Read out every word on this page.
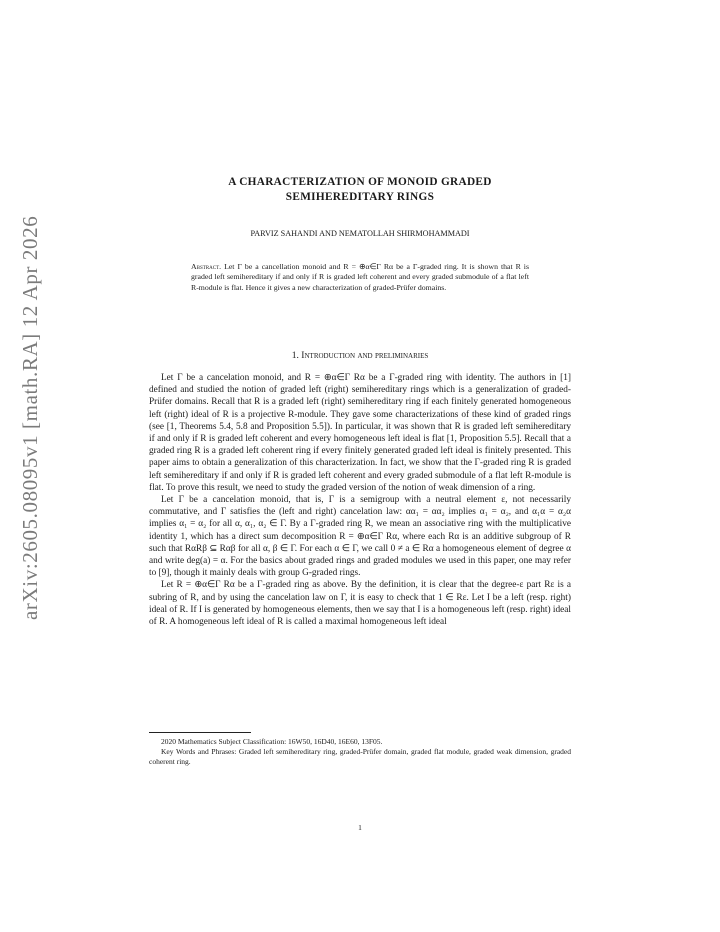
arXiv:2605.08095v1 [math.RA] 12 Apr 2026
A CHARACTERIZATION OF MONOID GRADED
SEMIHEREDITARY RINGS
PARVIZ SAHANDI AND NEMATOLLAH SHIRMOHAMMADI
Abstract. Let Γ be a cancellation monoid and R = ⊕α∈Γ Rα be a Γ-graded ring. It is shown that R is graded left semihereditary if and only if R is graded left coherent and every graded submodule of a flat left R-module is flat. Hence it gives a new characterization of graded-Prüfer domains.
1. Introduction and preliminaries

Let Γ be a cancelation monoid, and R = ⊕α∈Γ Rα be a Γ-graded ring with identity. The authors in [1] defined and studied the notion of graded left (right) semihereditary rings which is a generalization of graded-Prüfer domains. Recall that R is a graded left (right) semihereditary ring if each finitely generated homogeneous left (right) ideal of R is a projective R-module. They gave some characterizations of these kind of graded rings (see [1, Theorems 5.4, 5.8 and Proposition 5.5]). In particular, it was shown that R is graded left semihereditary if and only if R is graded left coherent and every homogeneous left ideal is flat [1, Proposition 5.5]. Recall that a graded ring R is a graded left coherent ring if every finitely generated graded left ideal is finitely presented. This paper aims to obtain a generalization of this characterization. In fact, we show that the Γ-graded ring R is graded left semihereditary if and only if R is graded left coherent and every graded submodule of a flat left R-module is flat. To prove this result, we need to study the graded version of the notion of weak dimension of a ring.

Let Γ be a cancelation monoid, that is, Γ is a semigroup with a neutral element ε, not necessarily commutative, and Γ satisfies the (left and right) cancelation law: αα₁ = αα₂ implies α₁ = α₂, and α₁α = α₂α implies α₁ = α₂ for all α, α₁, α₂ ∈ Γ. By a Γ-graded ring R, we mean an associative ring with the multiplicative identity 1, which has a direct sum decomposition R = ⊕α∈Γ Rα, where each Rα is an additive subgroup of R such that RαRβ ⊆ Rαβ for all α, β ∈ Γ. For each α ∈ Γ, we call 0 ≠ a ∈ Rα a homogeneous element of degree α and write deg(a) = α. For the basics about graded rings and graded modules we used in this paper, one may refer to [9], though it mainly deals with group G-graded rings.

Let R = ⊕α∈Γ Rα be a Γ-graded ring as above. By the definition, it is clear that the degree-ε part Rε is a subring of R, and by using the cancelation law on Γ, it is easy to check that 1 ∈ Rε. Let I be a left (resp. right) ideal of R. If I is generated by homogeneous elements, then we say that I is a homogeneous left (resp. right) ideal of R. A homogeneous left ideal of R is called a maximal homogeneous left ideal

2020 Mathematics Subject Classification: 16W50, 16D40, 16E60, 13F05.

Key Words and Phrases: Graded left semihereditary ring, graded-Prüfer domain, graded flat module, graded weak dimension, graded coherent ring.

1
